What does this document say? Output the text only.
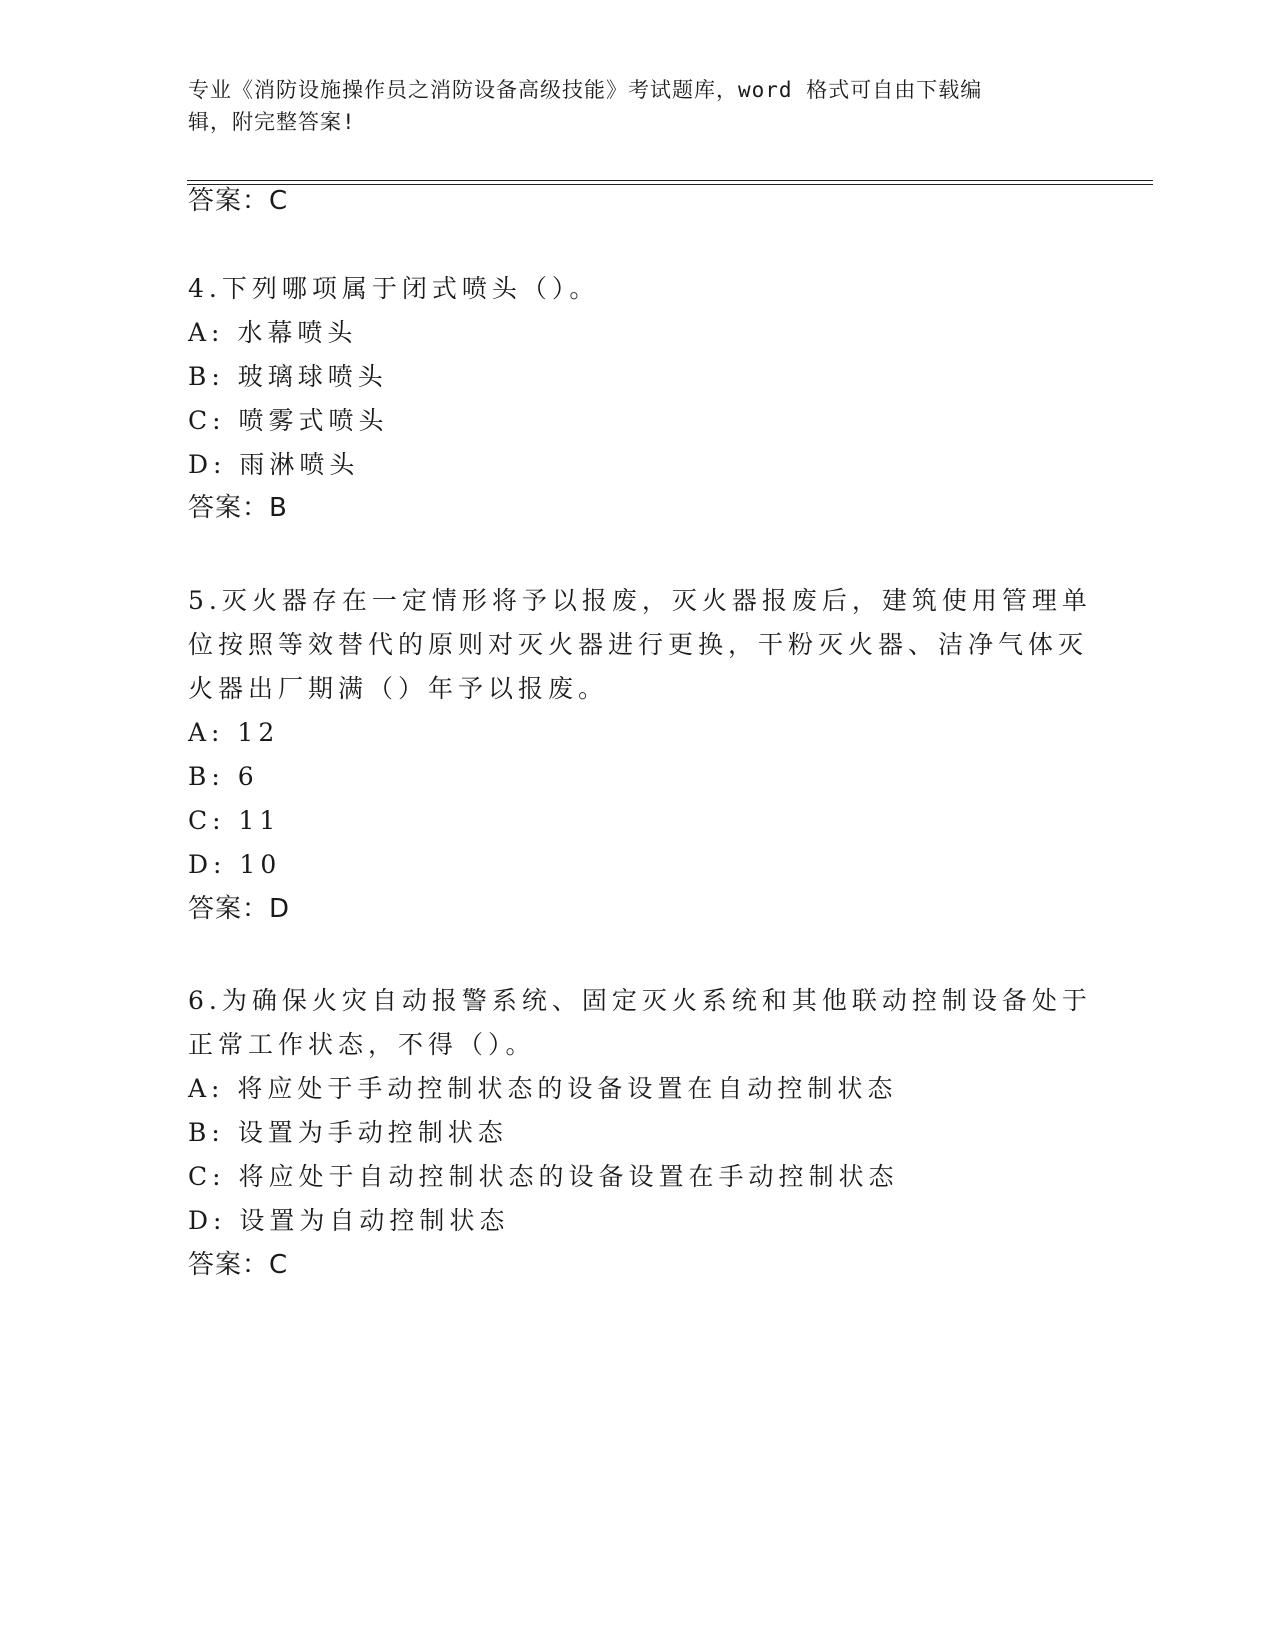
专业《消防设施操作员之消防设备高级技能》考试题库，word 格式可自由下载编
辑，附完整答案!
答案：C
4.下列哪项属于闭式喷头（）。
A: 水幕喷头
B: 玻璃球喷头
C: 喷雾式喷头
D: 雨淋喷头
答案：B
5.灭火器存在一定情形将予以报废，灭火器报废后，建筑使用管理单
位按照等效替代的原则对灭火器进行更换，干粉灭火器、洁净气体灭
火器出厂期满（）年予以报废。
A: 12
B: 6
C: 11
D: 10
答案：D
6.为确保火灾自动报警系统、固定灭火系统和其他联动控制设备处于
正常工作状态，不得（）。
A: 将应处于手动控制状态的设备设置在自动控制状态
B: 设置为手动控制状态
C: 将应处于自动控制状态的设备设置在手动控制状态
D: 设置为自动控制状态
答案：C
